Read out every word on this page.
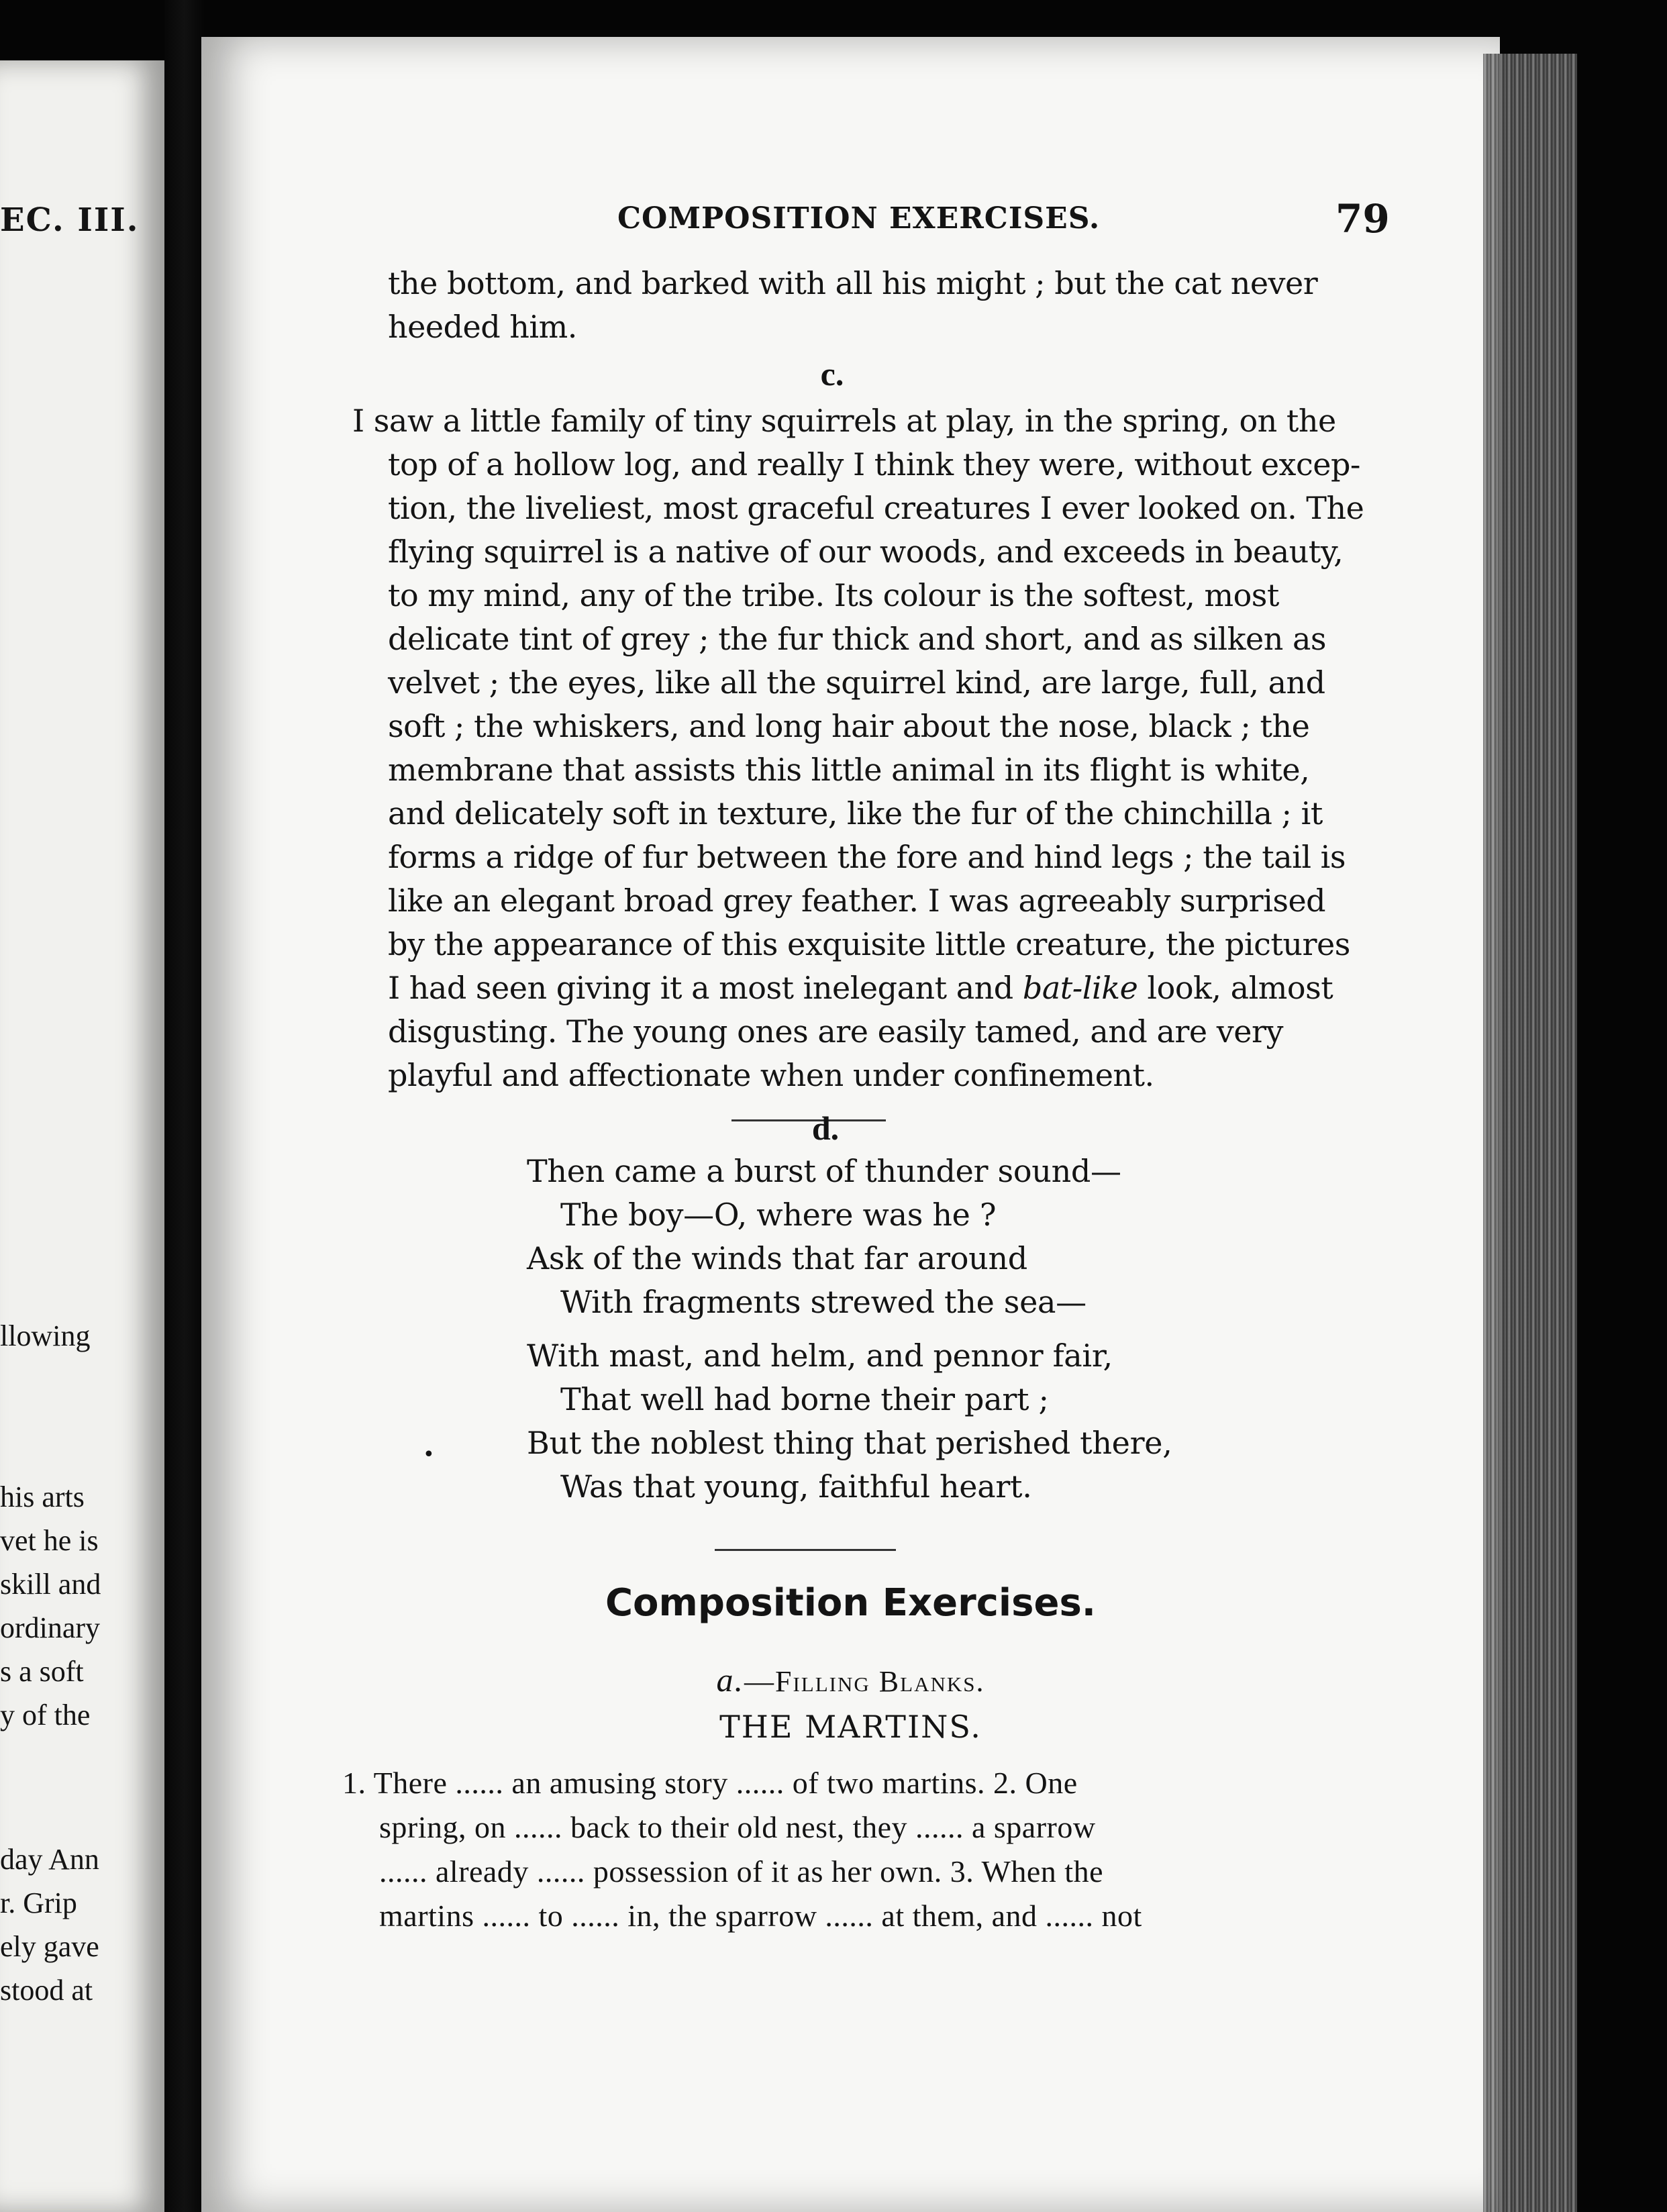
EC. III.
llowing
his arts
vet he is
skill and
ordinary
s a soft
y of the
day Ann
r. Grip
ely gave
stood at
COMPOSITION EXERCISES.	79
the bottom, and barked with all his might ; but the cat never
heeded him.
c.
I saw a little family of tiny squirrels at play, in the spring, on the
top of a hollow log, and really I think they were, without excep-
tion, the liveliest, most graceful creatures I ever looked on. The
flying squirrel is a native of our woods, and exceeds in beauty,
to my mind, any of the tribe. Its colour is the softest, most
delicate tint of grey ; the fur thick and short, and as silken as
velvet ; the eyes, like all the squirrel kind, are large, full, and
soft ; the whiskers, and long hair about the nose, black ; the
membrane that assists this little animal in its flight is white,
and delicately soft in texture, like the fur of the chinchilla ; it
forms a ridge of fur between the fore and hind legs ; the tail is
like an elegant broad grey feather. I was agreeably surprised
by the appearance of this exquisite little creature, the pictures
I had seen giving it a most inelegant and bat-like look, almost
disgusting. The young ones are easily tamed, and are very
playful and affectionate when under confinement.
d.
Then came a burst of thunder sound—
The boy—O, where was he ?
Ask of the winds that far around
With fragments strewed the sea—
With mast, and helm, and pennor fair,
That well had borne their part ;
But the noblest thing that perished there,
Was that young, faithful heart.
•
Composition Exercises.
a.—Filling Blanks.
THE MARTINS.
1. There ...... an amusing story ...... of two martins. 2. One
spring, on ...... back to their old nest, they ...... a sparrow
...... already ...... possession of it as her own. 3. When the
martins ...... to ...... in, the sparrow ...... at them, and ...... not
